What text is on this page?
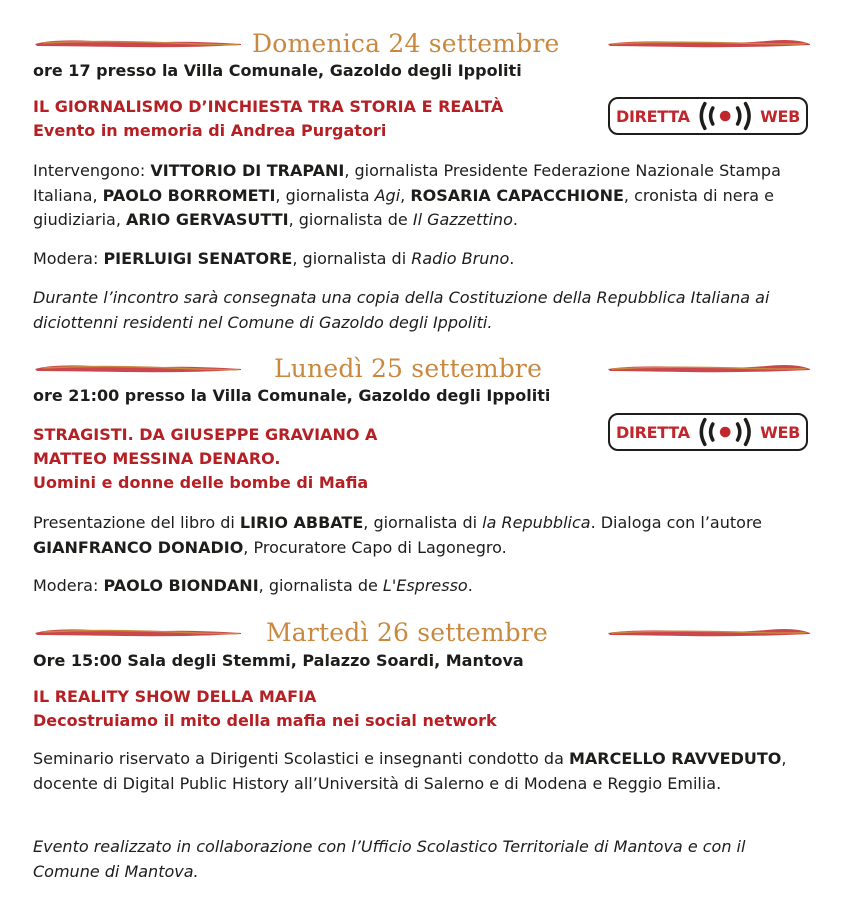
Domenica 24 settembre
ore 17 presso la Villa Comunale, Gazoldo degli Ippoliti
IL GIORNALISMO D’INCHIESTA TRA STORIA E REALTÀ
Evento in memoria di Andrea Purgatori
DIRETTA	WEB
Intervengono: VITTORIO DI TRAPANI, giornalista Presidente Federazione Nazionale Stampa Italiana, PAOLO BORROMETI, giornalista Agi, ROSARIA CAPACCHIONE, cronista di nera e giudiziaria, ARIO GERVASUTTI, giornalista de Il Gazzettino.
Modera: PIERLUIGI SENATORE, giornalista di Radio Bruno.
Durante l’incontro sarà consegnata una copia della Costituzione della Repubblica Italiana ai diciottenni residenti nel Comune di Gazoldo degli Ippoliti.
Lunedì 25 settembre
ore 21:00 presso la Villa Comunale, Gazoldo degli Ippoliti
STRAGISTI. DA GIUSEPPE GRAVIANO A
MATTEO MESSINA DENARO.
Uomini e donne delle bombe di Mafia
DIRETTA	WEB
Presentazione del libro di LIRIO ABBATE, giornalista di la Repubblica. Dialoga con l’autore GIANFRANCO DONADIO, Procuratore Capo di Lagonegro.
Modera: PAOLO BIONDANI, giornalista de L'Espresso.
Martedì 26 settembre
Ore 15:00 Sala degli Stemmi, Palazzo Soardi, Mantova
IL REALITY SHOW DELLA MAFIA
Decostruiamo il mito della mafia nei social network
Seminario riservato a Dirigenti Scolastici e insegnanti condotto da MARCELLO RAVVEDUTO, docente di Digital Public History all’Università di Salerno e di Modena e Reggio Emilia.
Evento realizzato in collaborazione con l’Ufficio Scolastico Territoriale di Mantova e con il Comune di Mantova.
